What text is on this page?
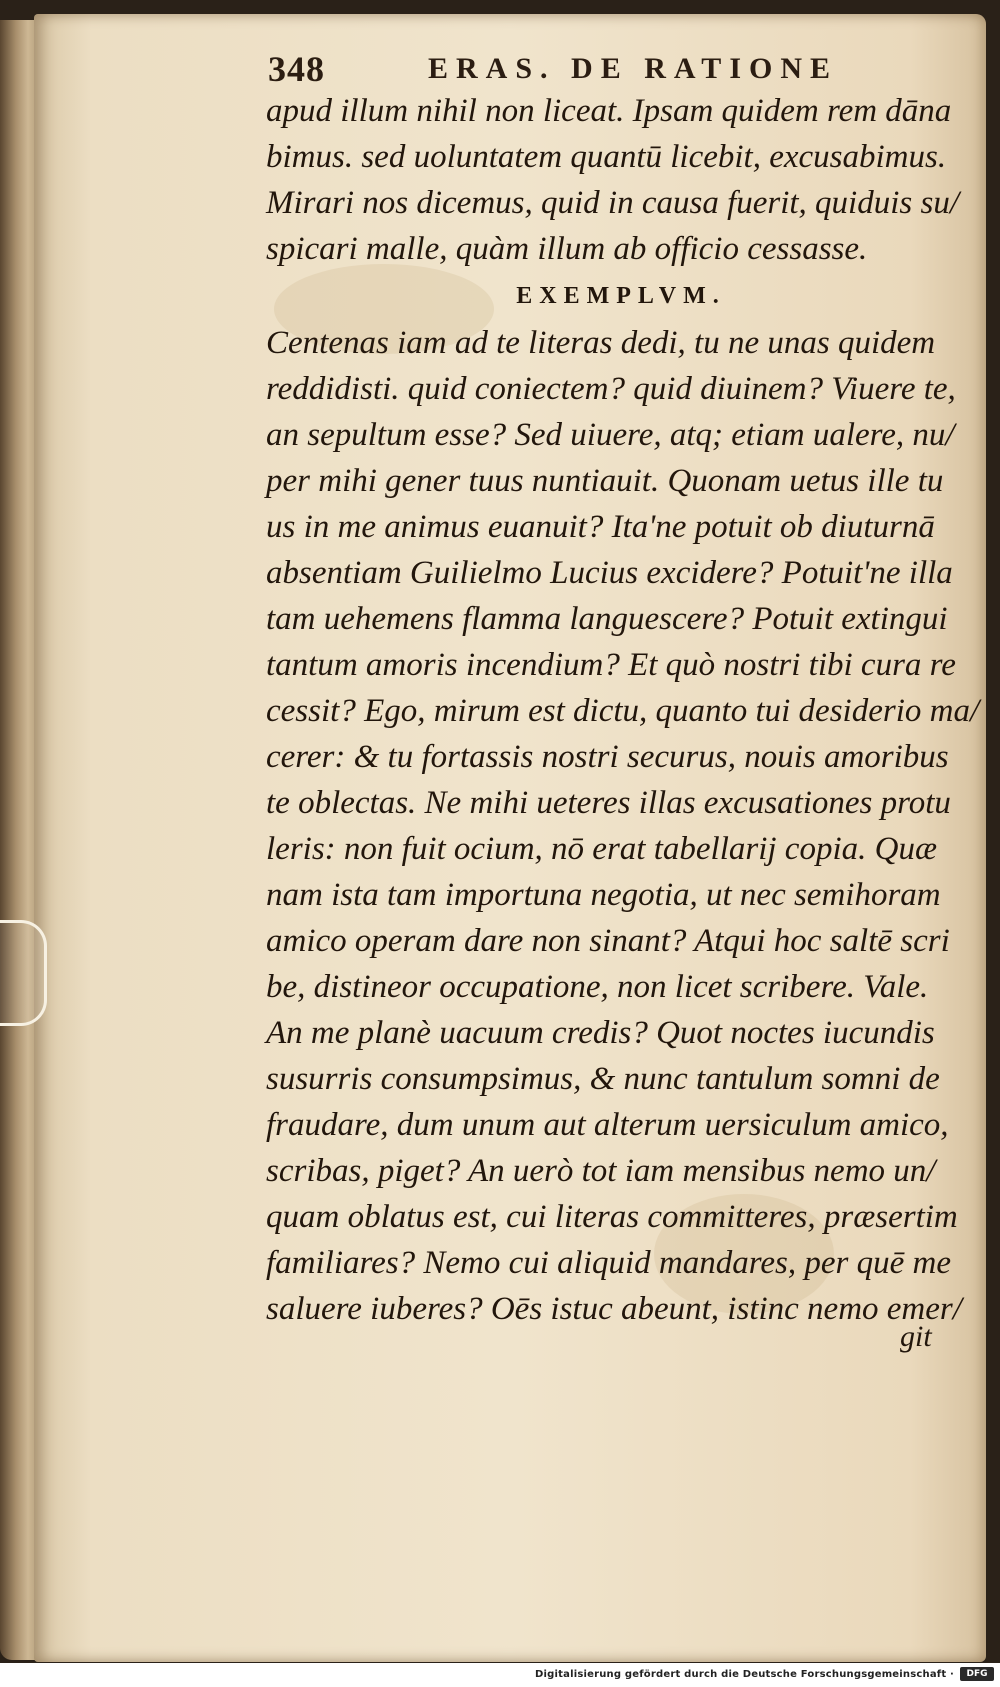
348	ERAS. DE RATIONE
apud illum nihil non liceat. Ipsam quidem rem dāna
bimus. sed uoluntatem quantū licebit, excusabimus.
Mirari nos dicemus, quid in causa fuerit, quiduis su/
spicari malle, quàm illum ab officio cessasse.
EXEMPLVM.
Centenas iam ad te literas dedi, tu ne unas quidem
reddidisti. quid coniectem? quid diuinem? Viuere te,
an sepultum esse? Sed uiuere, atq; etiam ualere, nu/
per mihi gener tuus nuntiauit. Quonam uetus ille tu
us in me animus euanuit? Ita'ne potuit ob diuturnā
absentiam Guilielmo Lucius excidere? Potuit'ne illa
tam uehemens flamma languescere? Potuit extingui
tantum amoris incendium? Et quò nostri tibi cura re
cessit? Ego, mirum est dictu, quanto tui desiderio ma/
cerer: & tu fortassis nostri securus, nouis amoribus
te oblectas. Ne mihi ueteres illas excusationes protu
leris: non fuit ocium, nō erat tabellarij copia. Quæ
nam ista tam importuna negotia, ut nec semihoram
amico operam dare non sinant? Atqui hoc saltē scri
be, distineor occupatione, non licet scribere. Vale.
An me planè uacuum credis? Quot noctes iucundis
susurris consumpsimus, & nunc tantulum somni de
fraudare, dum unum aut alterum uersiculum amico,
scribas, piget? An uerò tot iam mensibus nemo un/
quam oblatus est, cui literas committeres, præsertim
familiares? Nemo cui aliquid mandares, per quē me
saluere iuberes? Oēs istuc abeunt, istinc nemo emer/
git
Digitalisierung gefördert durch die Deutsche Forschungsgemeinschaft ·	DFG
